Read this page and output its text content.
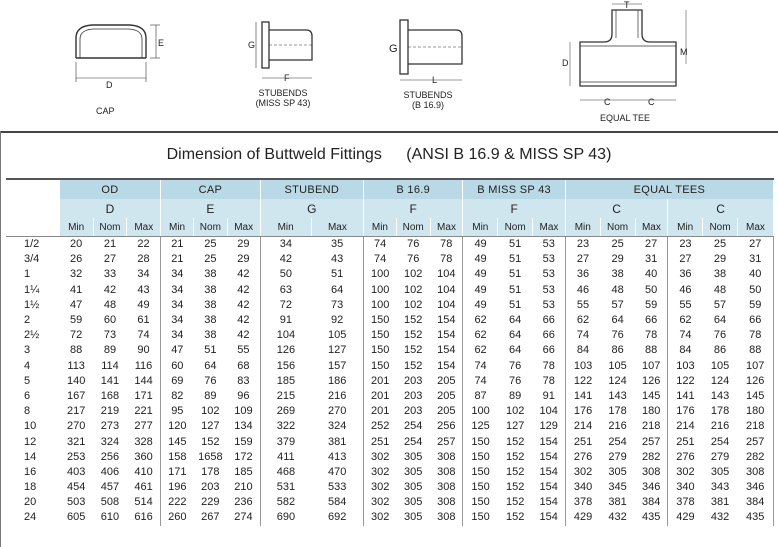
D
E	G
F
G
L
D
M
C	C
T
CAP
STUBENDS
(MISS SP 43)
STUBENDS
(B 16.9)
EQUAL TEE
Dimension of Buttweld Fittings (ANSI B 16.9 & MISS SP 43)
	OD			CAP			STUBEND		B 16.9			B MISS SP 43			EQUAL TEES					
	D			E			G		F			F			C			C		
	Min	Nom	Max	Min	Nom	Max	Min	Max	Min	Nom	Max	Min	Nom	Max	Min	Nom	Max	Min	Nom	Max
1/2	20	21	22	21	25	29	34	35	74	76	78	49	51	53	23	25	27	23	25	27
3/4	26	27	28	21	25	29	42	43	74	76	78	49	51	53	27	29	31	27	29	31
1	32	33	34	34	38	42	50	51	100	102	104	49	51	53	36	38	40	36	38	40
1¼	41	42	43	34	38	42	63	64	100	102	104	49	51	53	46	48	50	46	48	50
1½	47	48	49	34	38	42	72	73	100	102	104	49	51	53	55	57	59	55	57	59
2	59	60	61	34	38	42	91	92	150	152	154	62	64	66	62	64	66	62	64	66
2½	72	73	74	34	38	42	104	105	150	152	154	62	64	66	74	76	78	74	76	78
3	88	89	90	47	51	55	126	127	150	152	154	62	64	66	84	86	88	84	86	88
4	113	114	116	60	64	68	156	157	150	152	154	74	76	78	103	105	107	103	105	107
5	140	141	144	69	76	83	185	186	201	203	205	74	76	78	122	124	126	122	124	126
6	167	168	171	82	89	96	215	216	201	203	205	87	89	91	141	143	145	141	143	145
8	217	219	221	95	102	109	269	270	201	203	205	100	102	104	176	178	180	176	178	180
10	270	273	277	120	127	134	322	324	252	254	256	125	127	129	214	216	218	214	216	218
12	321	324	328	145	152	159	379	381	251	254	257	150	152	154	251	254	257	251	254	257
14	253	256	360	158	1658	172	411	413	302	305	308	150	152	154	276	279	282	276	279	282
16	403	406	410	171	178	185	468	470	302	305	308	150	152	154	302	305	308	302	305	308
18	454	457	461	196	203	210	531	533	302	305	308	150	152	154	340	345	346	340	343	346
20	503	508	514	222	229	236	582	584	302	305	308	150	152	154	378	381	384	378	381	384
24	605	610	616	260	267	274	690	692	302	305	308	150	152	154	429	432	435	429	432	435
